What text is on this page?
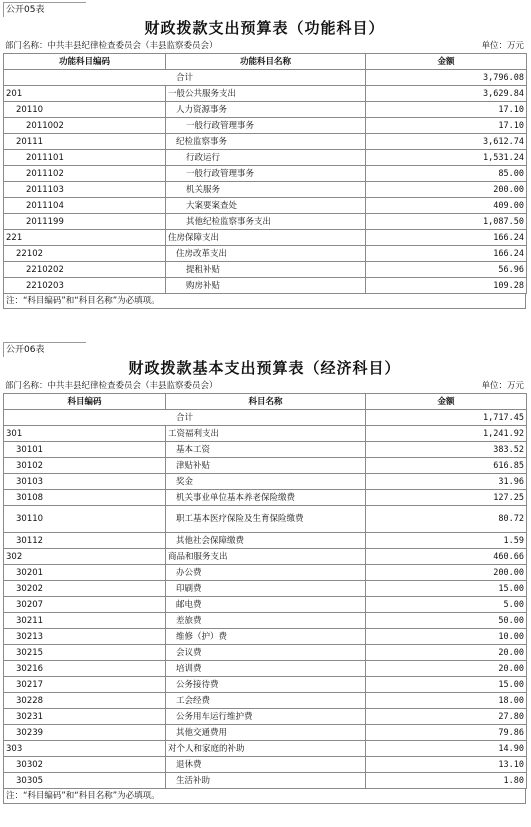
公开05表
财政拨款支出预算表（功能科目）
部门名称：中共丰县纪律检查委员会（丰县监察委员会）	单位：万元
功能科目编码	功能科目名称	金额
合计		3,796.08
201	一般公共服务支出	3,629.84
20110	人力资源事务	17.10
2011002	一般行政管理事务	17.10
20111	纪检监察事务	3,612.74
2011101	行政运行	1,531.24
2011102	一般行政管理事务	85.00
2011103	机关服务	200.00
2011104	大案要案查处	409.00
2011199	其他纪检监察事务支出	1,087.50
221	住房保障支出	166.24
22102	住房改革支出	166.24
2210202	提租补贴	56.96
2210203	购房补贴	109.28
注：“科目编码”和“科目名称”为必填项。
公开06表
财政拨款基本支出预算表（经济科目）
部门名称：中共丰县纪律检查委员会（丰县监察委员会）	单位：万元
科目编码	科目名称	金额
合计		1,717.45
301	工资福利支出	1,241.92
30101	基本工资	383.52
30102	津贴补贴	616.85
30103	奖金	31.96
30108	机关事业单位基本养老保险缴费	127.25
30110	职工基本医疗保险及生育保险缴费	80.72
30112	其他社会保障缴费	1.59
302	商品和服务支出	460.66
30201	办公费	200.00
30202	印刷费	15.00
30207	邮电费	5.00
30211	差旅费	50.00
30213	维修（护）费	10.00
30215	会议费	20.00
30216	培训费	20.00
30217	公务接待费	15.00
30228	工会经费	18.00
30231	公务用车运行维护费	27.80
30239	其他交通费用	79.86
303	对个人和家庭的补助	14.90
30302	退休费	13.10
30305	生活补助	1.80
注：“科目编码”和“科目名称”为必填项。
